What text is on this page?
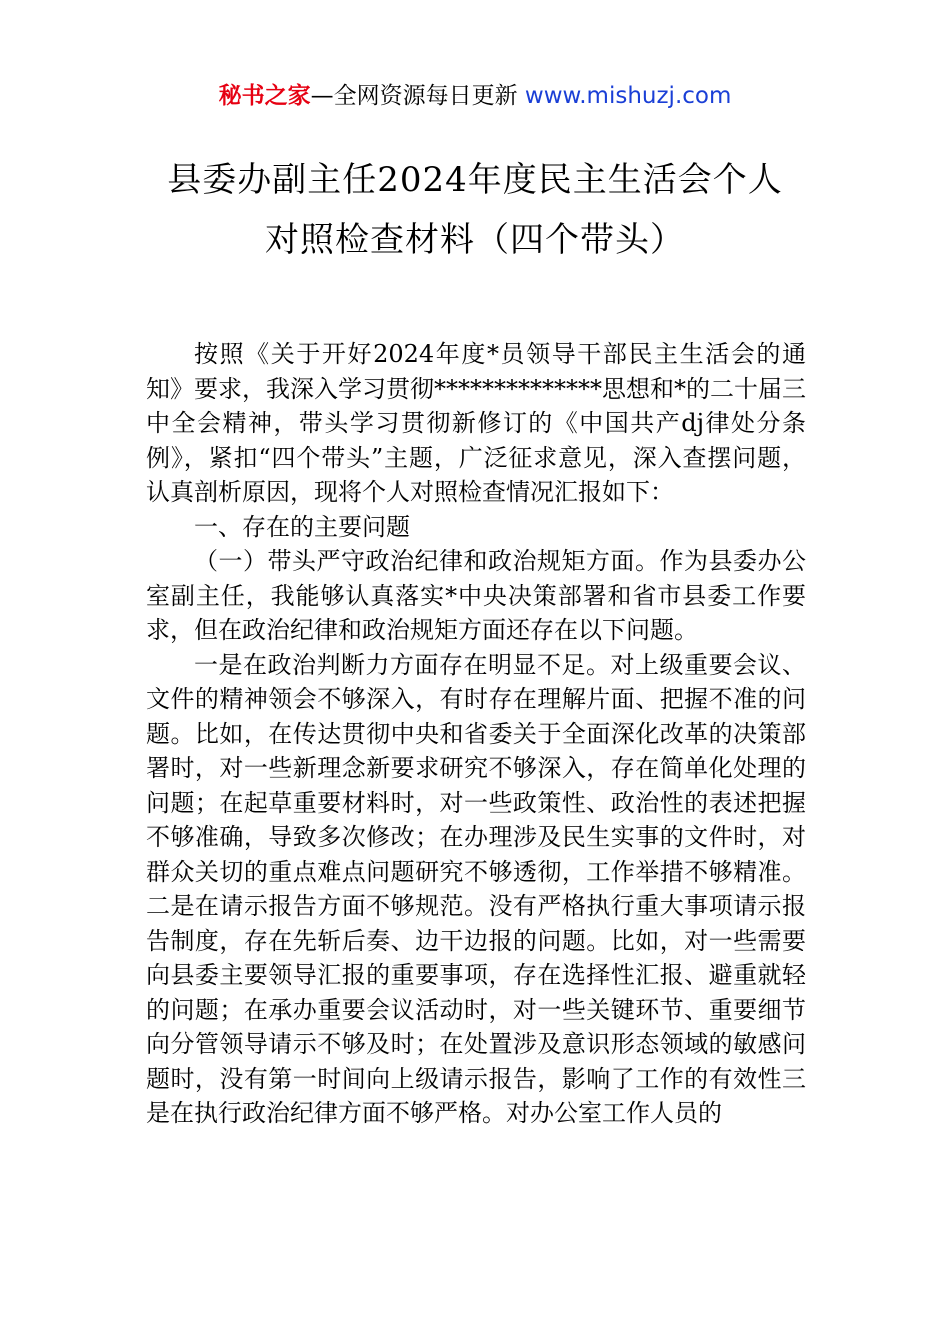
秘书之家—全网资源每日更新 www.mishuzj.com
县委办副主任2024年度民主生活会个人
对照检查材料（四个带头）

按照《关于开好2024年度*员领导干部民主生活会的通知》要求，我深入学习贯彻**************思想和*的二十届三中全会精神，带头学习贯彻新修订的《中国共产dj律处分条例》，紧扣“四个带头”主题，广泛征求意见，深入查摆问题，认真剖析原因，现将个人对照检查情况汇报如下：

一、存在的主要问题

（一）带头严守政治纪律和政治规矩方面。作为县委办公室副主任，我能够认真落实*中央决策部署和省市县委工作要求，但在政治纪律和政治规矩方面还存在以下问题。

一是在政治判断力方面存在明显不足。对上级重要会议、文件的精神领会不够深入，有时存在理解片面、把握不准的问题。比如，在传达贯彻中央和省委关于全面深化改革的决策部署时，对一些新理念新要求研究不够深入，存在简单化处理的问题；在起草重要材料时，对一些政策性、政治性的表述把握不够准确，导致多次修改；在办理涉及民生实事的文件时，对群众关切的重点难点问题研究不够透彻，工作举措不够精准。二是在请示报告方面不够规范。没有严格执行重大事项请示报告制度，存在先斩后奏、边干边报的问题。比如，对一些需要向县委主要领导汇报的重要事项，存在选择性汇报、避重就轻的问题；在承办重要会议活动时，对一些关键环节、重要细节向分管领导请示不够及时；在处置涉及意识形态领域的敏感问题时，没有第一时间向上级请示报告，影响了工作的有效性三是在执行政治纪律方面不够严格。对办公室工作人员的
